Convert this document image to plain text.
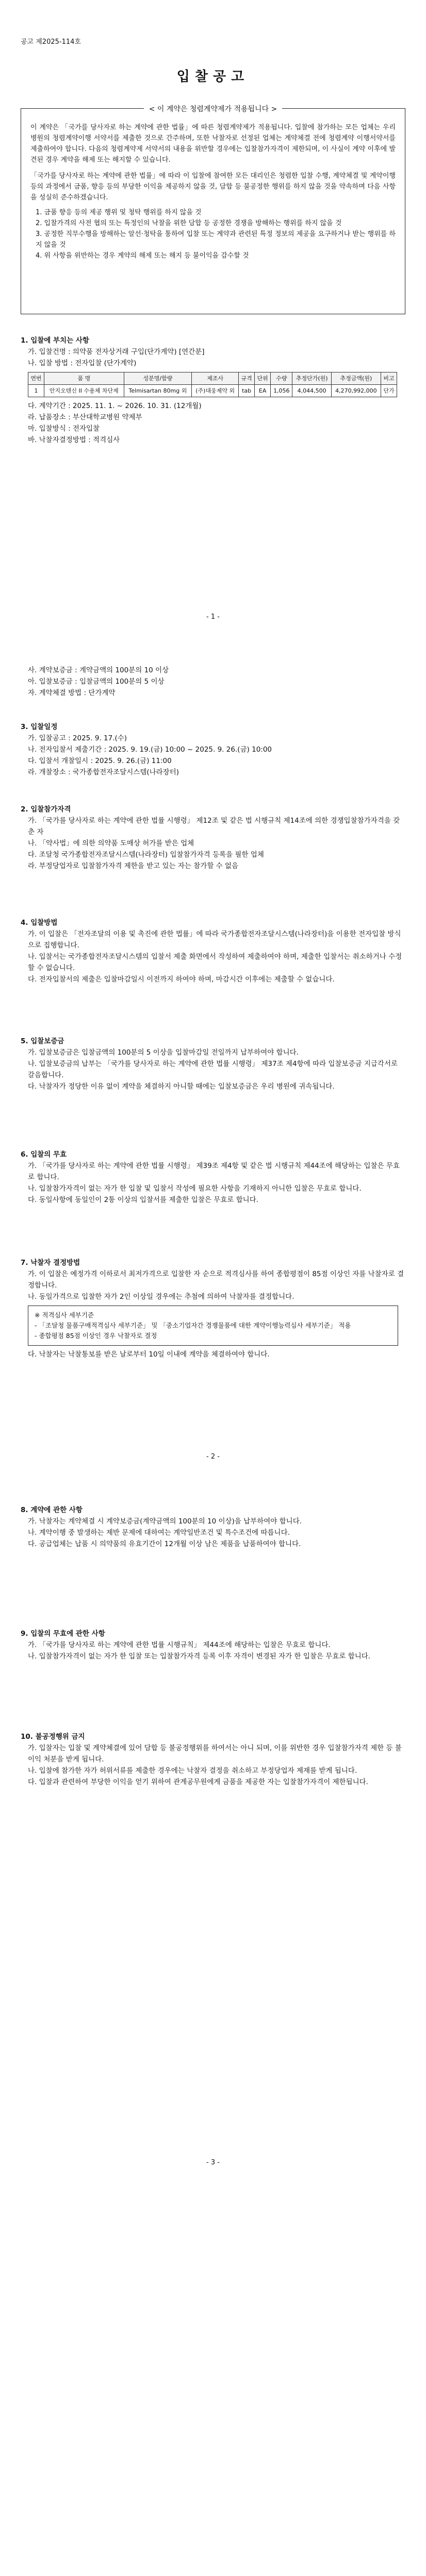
공고 제2025-114호
입찰공고
< 이 계약은 청렴계약제가 적용됩니다 >
이 계약은 「국가를 당사자로 하는 계약에 관한 법률」에 따른 청렴계약제가 적용됩니다. 입찰에 참가하는 모든 업체는 우리 병원의 청렴계약이행 서약서를 제출한 것으로 간주하며, 또한 낙찰자로 선정된 업체는 계약체결 전에 청렴계약 이행서약서를 제출하여야 합니다. 다음의 청렴계약제 서약서의 내용을 위반할 경우에는 입찰참가자격이 제한되며, 이 사실이 계약 이후에 발견된 경우 계약을 해제 또는 해지할 수 있습니다.
「국가를 당사자로 하는 계약에 관한 법률」에 따라 이 입찰에 참여한 모든 대리인은 청렴한 입찰 수행, 계약체결 및 계약이행 등의 과정에서 금품, 향응 등의 부당한 이익을 제공하지 않을 것, 담합 등 불공정한 행위를 하지 않을 것을 약속하며 다음 사항을 성실히 준수하겠습니다.
1. 금품 향응 등의 제공 행위 및 청탁 행위를 하지 않을 것
2. 입찰가격의 사전 협의 또는 특정인의 낙찰을 위한 담합 등 공정한 경쟁을 방해하는 행위를 하지 않을 것
3. 공정한 직무수행을 방해하는 알선·청탁을 통하여 입찰 또는 계약과 관련된 특정 정보의 제공을 요구하거나 받는 행위를 하지 않을 것
4. 위 사항을 위반하는 경우 계약의 해제 또는 해지 등 불이익을 감수할 것
1. 입찰에 부치는 사항
가. 입찰건명 : 의약품 전자상거래 구입(단가계약) [연간분]
나. 입찰 방법 : 전자입찰 (단가계약)
연번	품 명	성분명/함량	제조사	규격	단위	수량	추정단가(원)	추정금액(원)	비고
1	안지오텐신 II 수용체 차단제	Telmisartan 80mg 외	(주)대웅제약 외	tab	EA	1,056	4,044,500	4,270,992,000	단가
다. 계약기간 : 2025. 11. 1. ~ 2026. 10. 31. (12개월)
라. 납품장소 : 부산대학교병원 약제부
마. 입찰방식 : 전자입찰
바. 낙찰자결정방법 : 적격심사
- 1 -
사. 계약보증금 : 계약금액의 100분의 10 이상
아. 입찰보증금 : 입찰금액의 100분의 5 이상
자. 계약체결 방법 : 단가계약
3. 입찰일정
가. 입찰공고 : 2025. 9. 17.(수)
나. 전자입찰서 제출기간 : 2025. 9. 19.(금) 10:00 ~ 2025. 9. 26.(금) 10:00
다. 입찰서 개찰일시 : 2025. 9. 26.(금) 11:00
라. 개찰장소 : 국가종합전자조달시스템(나라장터)
2. 입찰참가자격
가. 「국가를 당사자로 하는 계약에 관한 법률 시행령」 제12조 및 같은 법 시행규칙 제14조에 의한 경쟁입찰참가자격을 갖춘 자
나. 「약사법」에 의한 의약품 도매상 허가를 받은 업체
다. 조달청 국가종합전자조달시스템(나라장터) 입찰참가자격 등록을 필한 업체
라. 부정당업자로 입찰참가자격 제한을 받고 있는 자는 참가할 수 없음
4. 입찰방법
가. 이 입찰은 「전자조달의 이용 및 촉진에 관한 법률」에 따라 국가종합전자조달시스템(나라장터)을 이용한 전자입찰 방식으로 집행합니다.
나. 입찰서는 국가종합전자조달시스템의 입찰서 제출 화면에서 작성하여 제출하여야 하며, 제출한 입찰서는 취소하거나 수정할 수 없습니다.
다. 전자입찰서의 제출은 입찰마감일시 이전까지 하여야 하며, 마감시간 이후에는 제출할 수 없습니다.
5. 입찰보증금
가. 입찰보증금은 입찰금액의 100분의 5 이상을 입찰마감일 전일까지 납부하여야 합니다.
나. 입찰보증금의 납부는 「국가를 당사자로 하는 계약에 관한 법률 시행령」 제37조 제4항에 따라 입찰보증금 지급각서로 갈음합니다.
다. 낙찰자가 정당한 이유 없이 계약을 체결하지 아니할 때에는 입찰보증금은 우리 병원에 귀속됩니다.
6. 입찰의 무효
가. 「국가를 당사자로 하는 계약에 관한 법률 시행령」 제39조 제4항 및 같은 법 시행규칙 제44조에 해당하는 입찰은 무효로 합니다.
나. 입찰참가자격이 없는 자가 한 입찰 및 입찰서 작성에 필요한 사항을 기재하지 아니한 입찰은 무효로 합니다.
다. 동일사항에 동일인이 2통 이상의 입찰서를 제출한 입찰은 무효로 합니다.
7. 낙찰자 결정방법
가. 이 입찰은 예정가격 이하로서 최저가격으로 입찰한 자 순으로 적격심사를 하여 종합평점이 85점 이상인 자를 낙찰자로 결정합니다.
나. 동일가격으로 입찰한 자가 2인 이상일 경우에는 추첨에 의하여 낙찰자를 결정합니다.
※ 적격심사 세부기준
- 「조달청 물품구매적격심사 세부기준」 및 「중소기업자간 경쟁물품에 대한 계약이행능력심사 세부기준」 적용
- 종합평점 85점 이상인 경우 낙찰자로 결정
다. 낙찰자는 낙찰통보를 받은 날로부터 10일 이내에 계약을 체결하여야 합니다.
- 2 -
8. 계약에 관한 사항
가. 낙찰자는 계약체결 시 계약보증금(계약금액의 100분의 10 이상)을 납부하여야 합니다.
나. 계약이행 중 발생하는 제반 문제에 대하여는 계약일반조건 및 특수조건에 따릅니다.
다. 공급업체는 납품 시 의약품의 유효기간이 12개월 이상 남은 제품을 납품하여야 합니다.
9. 입찰의 무효에 관한 사항
가. 「국가를 당사자로 하는 계약에 관한 법률 시행규칙」 제44조에 해당하는 입찰은 무효로 합니다.
나. 입찰참가자격이 없는 자가 한 입찰 또는 입찰참가자격 등록 이후 자격이 변경된 자가 한 입찰은 무효로 합니다.
10. 불공정행위 금지
가. 입찰자는 입찰 및 계약체결에 있어 담합 등 불공정행위를 하여서는 아니 되며, 이를 위반한 경우 입찰참가자격 제한 등 불이익 처분을 받게 됩니다.
나. 입찰에 참가한 자가 허위서류를 제출한 경우에는 낙찰자 결정을 취소하고 부정당업자 제재를 받게 됩니다.
다. 입찰과 관련하여 부당한 이익을 얻기 위하여 관계공무원에게 금품을 제공한 자는 입찰참가자격이 제한됩니다.
- 3 -
